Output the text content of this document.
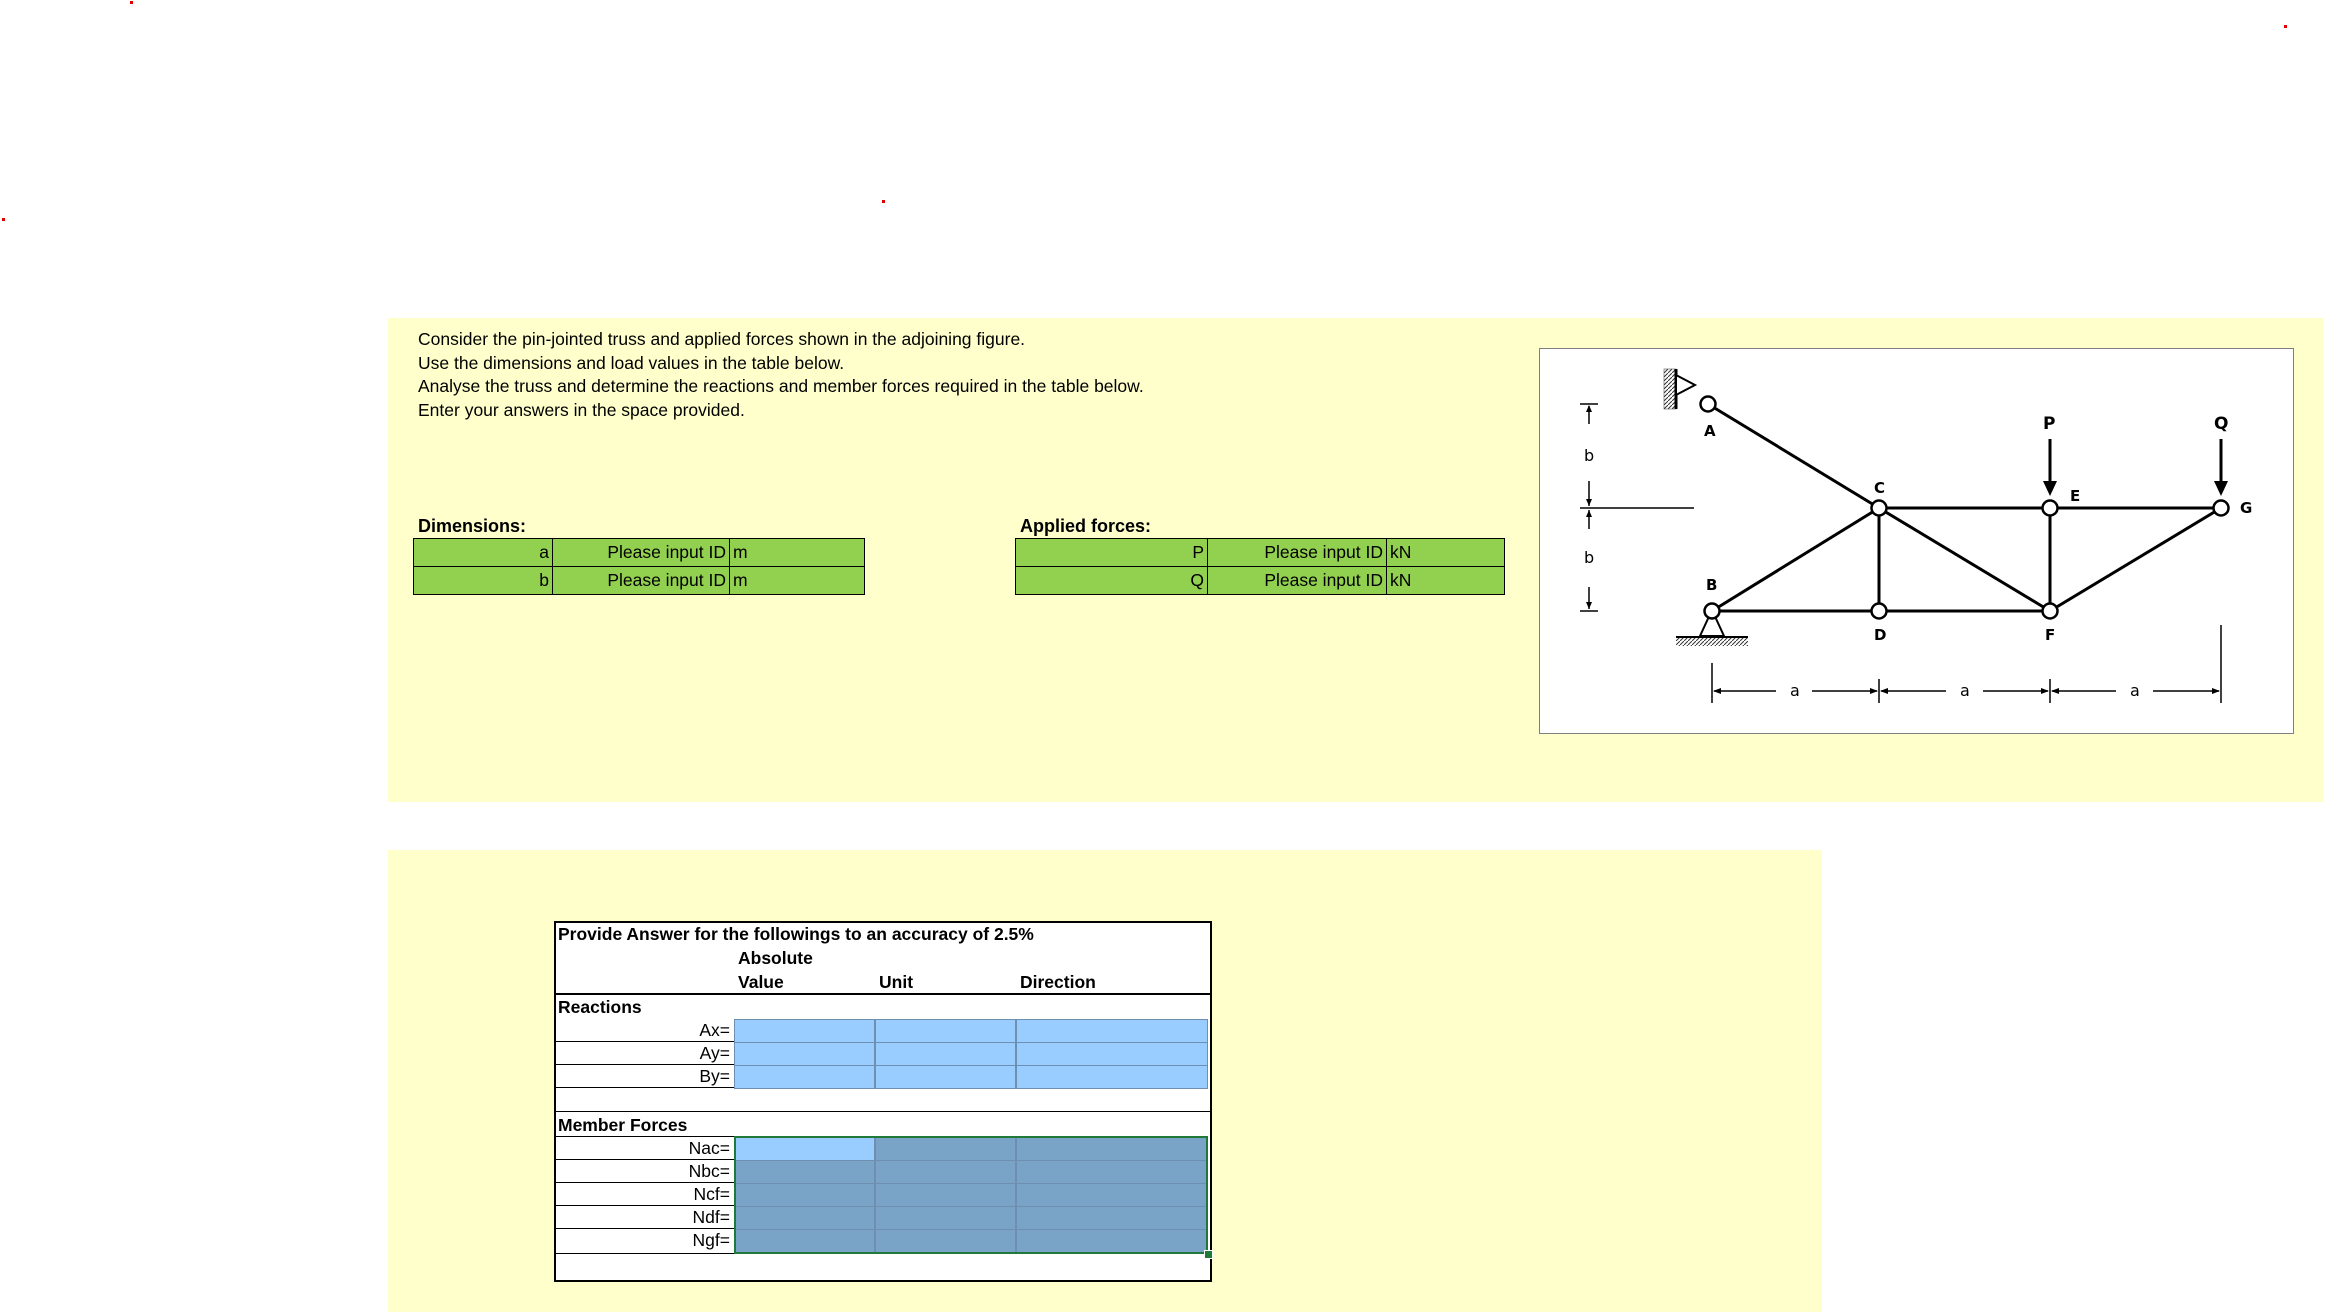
Consider the pin-jointed truss and applied forces shown in the adjoining figure.
Use the dimensions and load values in the table below.
Analyse the truss and determine the reactions and member forces required in the table below.
Enter your answers in the space provided.
Dimensions:
a	Please input ID	m
b	Please input ID	m
Applied forces:
P	Please input ID	kN
Q	Please input ID	kN
A
B
C
D
E
F
G
P	Q
b
b
a	a	a
Provide Answer for the followings to an accuracy of 2.5%
Absolute
Value	Unit	Direction
Reactions
Ax=
Ay=
By=
Member Forces
Nac=
Nbc=
Ncf=
Ndf=
Ngf=
